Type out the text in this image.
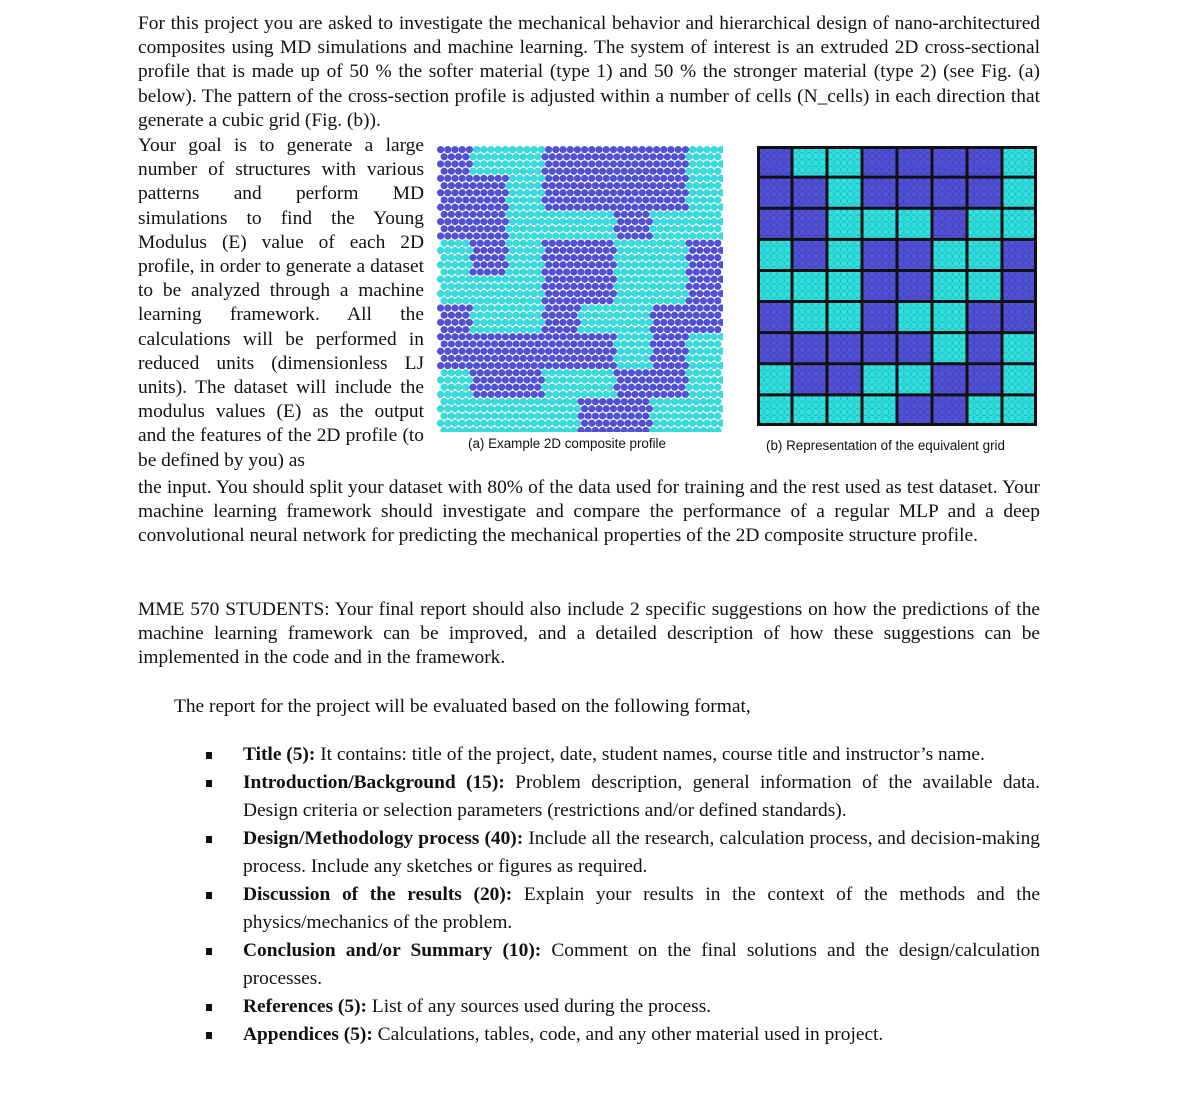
For this project you are asked to investigate the mechanical behavior and hierarchical design of nano-architectured composites using MD simulations and machine learning. The system of interest is an extruded 2D cross-sectional profile that is made up of 50 % the softer material (type 1) and 50 % the stronger material (type 2) (see Fig. (a) below). The pattern of the cross-section profile is adjusted within a number of cells (N_cells) in each direction that generate a cubic grid (Fig. (b)).

Your goal is to generate a large number of structures with various patterns and perform MD simulations to find the Young Modulus (E) value of each 2D profile, in order to generate a dataset to be analyzed through a machine learning framework. All the calculations will be performed in reduced units (dimensionless LJ units). The dataset will include the modulus values (E) as the output and the features of the 2D profile (to be defined by you) as

(a) Example 2D composite profile	(b) Representation of the equivalent grid

the input. You should split your dataset with 80% of the data used for training and the rest used as test dataset. Your machine learning framework should investigate and compare the performance of a regular MLP and a deep convolutional neural network for predicting the mechanical properties of the 2D composite structure profile.

MME 570 STUDENTS: Your final report should also include 2 specific suggestions on how the predictions of the machine learning framework can be improved, and a detailed description of how these suggestions can be implemented in the code and in the framework.

The report for the project will be evaluated based on the following format,

Title (5): It contains: title of the project, date, student names, course title and instructor’s name.

Introduction/Background (15): Problem description, general information of the available data. Design criteria or selection parameters (restrictions and/or defined standards).

Design/Methodology process (40): Include all the research, calculation process, and decision-making process. Include any sketches or figures as required.

Discussion of the results (20): Explain your results in the context of the methods and the physics/mechanics of the problem.

Conclusion and/or Summary (10): Comment on the final solutions and the design/calculation processes.

References (5): List of any sources used during the process.

Appendices (5): Calculations, tables, code, and any other material used in project.
